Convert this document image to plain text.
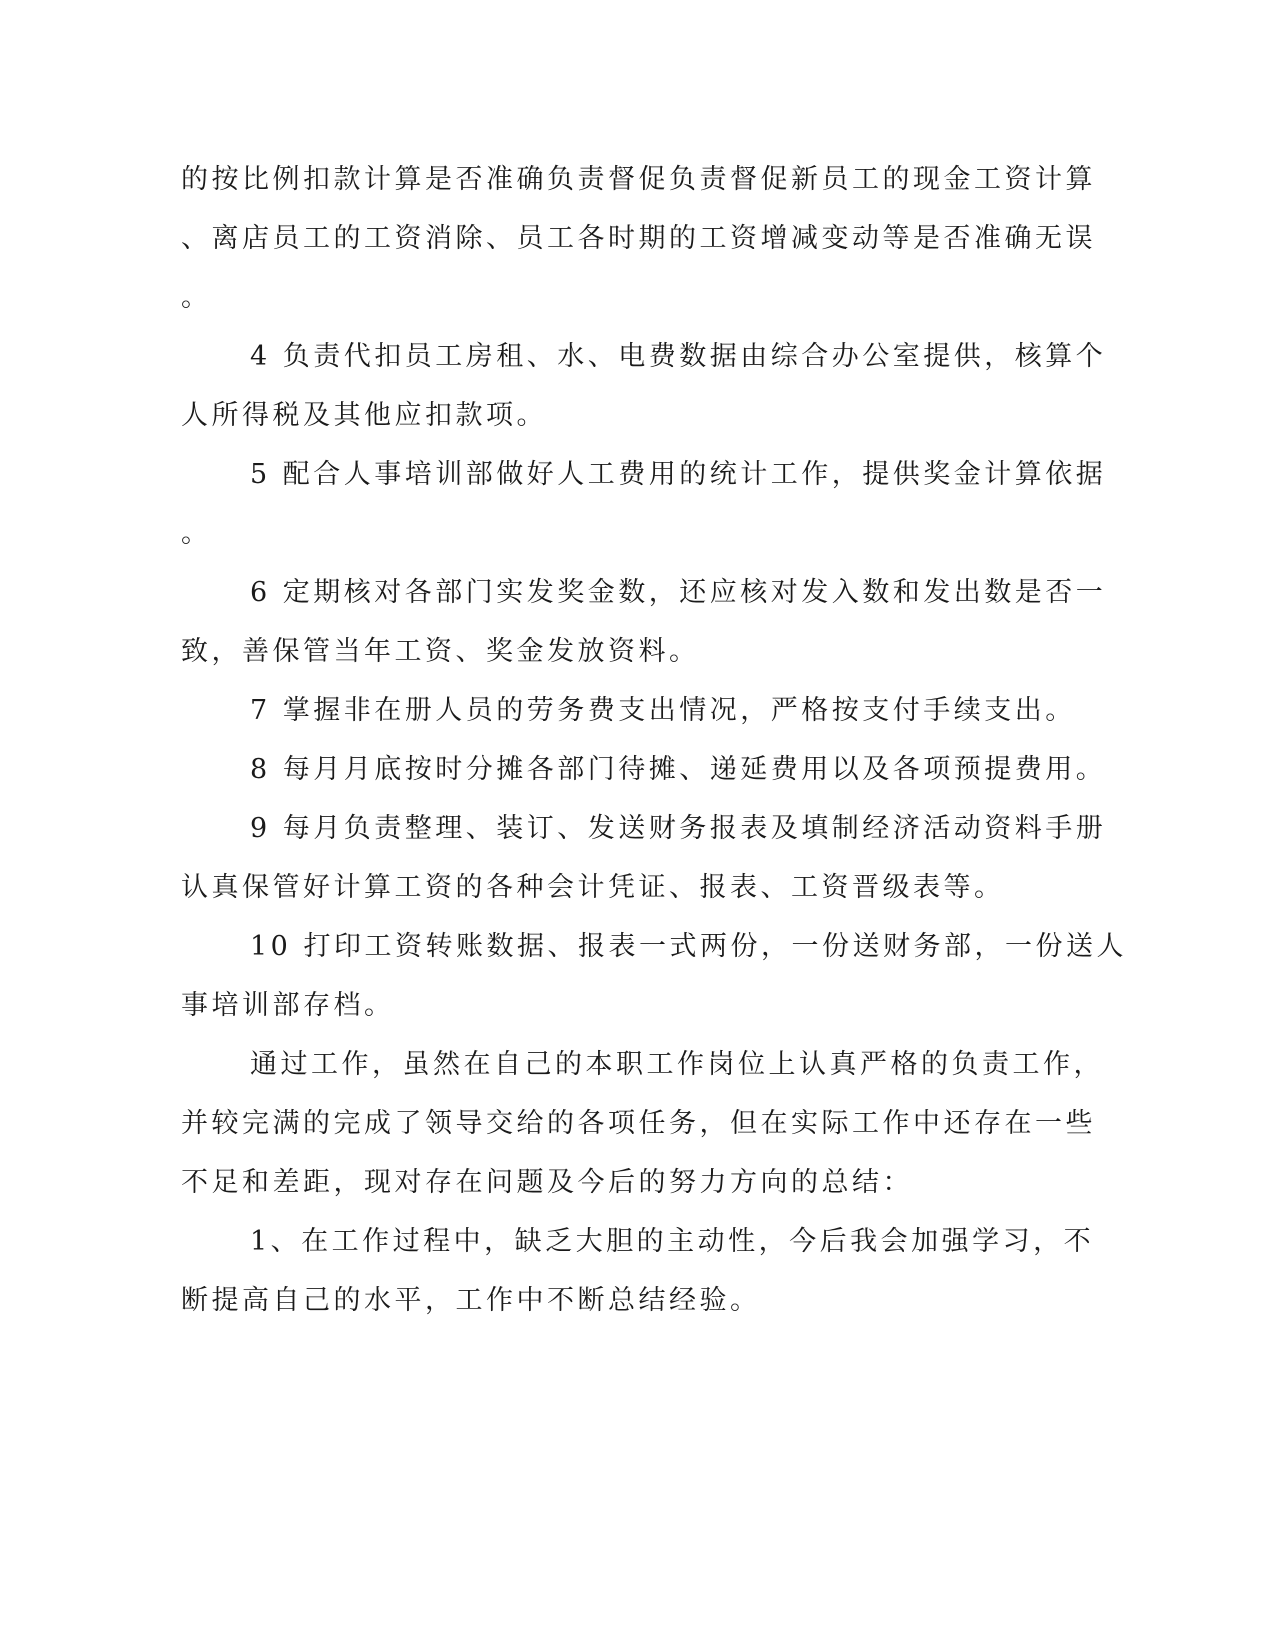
的按比例扣款计算是否准确负责督促负责督促新员工的现金工资计算
、离店员工的工资消除、员工各时期的工资增减变动等是否准确无误
。
4 负责代扣员工房租、水、电费数据由综合办公室提供，核算个
人所得税及其他应扣款项。
5 配合人事培训部做好人工费用的统计工作，提供奖金计算依据
。
6 定期核对各部门实发奖金数，还应核对发入数和发出数是否一
致，善保管当年工资、奖金发放资料。
7 掌握非在册人员的劳务费支出情况，严格按支付手续支出。
8 每月月底按时分摊各部门待摊、递延费用以及各项预提费用。
9 每月负责整理、装订、发送财务报表及填制经济活动资料手册
认真保管好计算工资的各种会计凭证、报表、工资晋级表等。
10 打印工资转账数据、报表一式两份，一份送财务部，一份送人
事培训部存档。
通过工作，虽然在自己的本职工作岗位上认真严格的负责工作，
并较完满的完成了领导交给的各项任务，但在实际工作中还存在一些
不足和差距，现对存在问题及今后的努力方向的总结：
1、在工作过程中，缺乏大胆的主动性，今后我会加强学习，不
断提高自己的水平，工作中不断总结经验。
